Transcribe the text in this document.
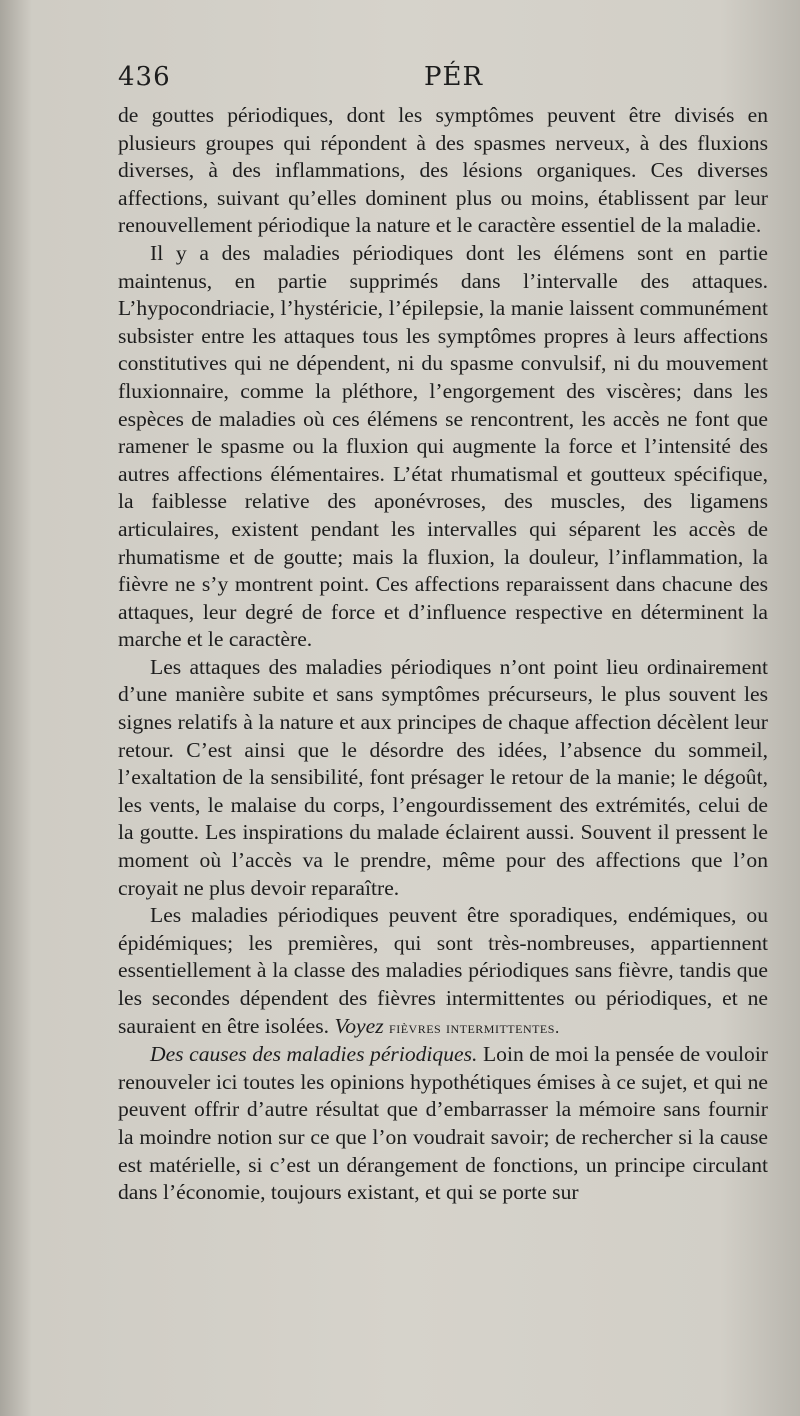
436	PÉR

de gouttes périodiques, dont les symptômes peuvent être divisés en plusieurs groupes qui répondent à des spasmes nerveux, à des fluxions diverses, à des inflammations, des lésions organiques. Ces diverses affections, suivant qu’elles dominent plus ou moins, établissent par leur renouvellement périodique la nature et le caractère essentiel de la maladie.

Il y a des maladies périodiques dont les élémens sont en partie maintenus, en partie supprimés dans l’intervalle des attaques. L’hypocondriacie, l’hystéricie, l’épilepsie, la manie laissent communément subsister entre les attaques tous les symptômes propres à leurs affections constitutives qui ne dépendent, ni du spasme convulsif, ni du mouvement fluxionnaire, comme la pléthore, l’engorgement des viscères; dans les espèces de maladies où ces élémens se rencontrent, les accès ne font que ramener le spasme ou la fluxion qui augmente la force et l’intensité des autres affections élémentaires. L’état rhumatismal et goutteux spécifique, la faiblesse relative des aponévroses, des muscles, des ligamens articulaires, existent pendant les intervalles qui séparent les accès de rhumatisme et de goutte; mais la fluxion, la douleur, l’inflammation, la fièvre ne s’y montrent point. Ces affections reparaissent dans chacune des attaques, leur degré de force et d’influence respective en déterminent la marche et le caractère.

Les attaques des maladies périodiques n’ont point lieu ordinairement d’une manière subite et sans symptômes précurseurs, le plus souvent les signes relatifs à la nature et aux principes de chaque affection décèlent leur retour. C’est ainsi que le désordre des idées, l’absence du sommeil, l’exaltation de la sensibilité, font présager le retour de la manie; le dégoût, les vents, le malaise du corps, l’engourdissement des extrémités, celui de la goutte. Les inspirations du malade éclairent aussi. Souvent il pressent le moment où l’accès va le prendre, même pour des affections que l’on croyait ne plus devoir reparaître.

Les maladies périodiques peuvent être sporadiques, endémiques, ou épidémiques; les premières, qui sont très-nombreuses, appartiennent essentiellement à la classe des maladies périodiques sans fièvre, tandis que les secondes dépendent des fièvres intermittentes ou périodiques, et ne sauraient en être isolées. Voyez fièvres intermittentes.

Des causes des maladies périodiques. Loin de moi la pensée de vouloir renouveler ici toutes les opinions hypothétiques émises à ce sujet, et qui ne peuvent offrir d’autre résultat que d’embarrasser la mémoire sans fournir la moindre notion sur ce que l’on voudrait savoir; de rechercher si la cause est matérielle, si c’est un dérangement de fonctions, un principe circulant dans l’économie, toujours existant, et qui se porte sur
